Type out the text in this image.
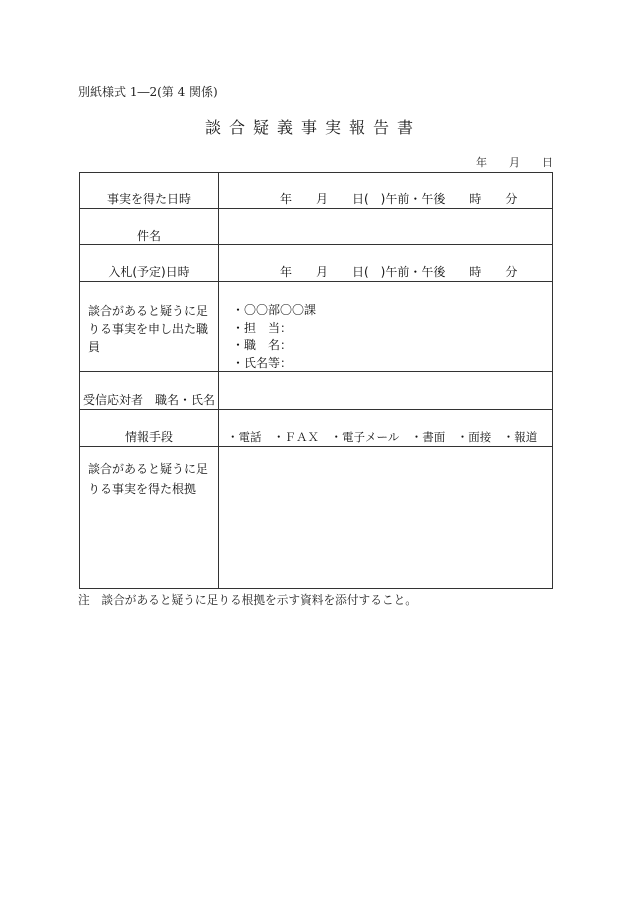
別紙様式 1―2(第 4 関係)
談合疑義事実報告書
年　　月　　日
事実を得た日時	年　　月　　日(　)午前・午後　　時　　分
件名
入札(予定)日時	年　　月　　日(　)午前・午後　　時　　分
談合があると疑うに足
りる事実を申し出た職
員
・〇〇部〇〇課
・担　当：
・職　名：
・氏名等：
受信応対者　職名・氏名
情報手段	・電話 ・ＦＡＸ ・電子メール ・書面 ・面接 ・報道
談合があると疑うに足
りる事実を得た根拠
注　談合があると疑うに足りる根拠を示す資料を添付すること。
